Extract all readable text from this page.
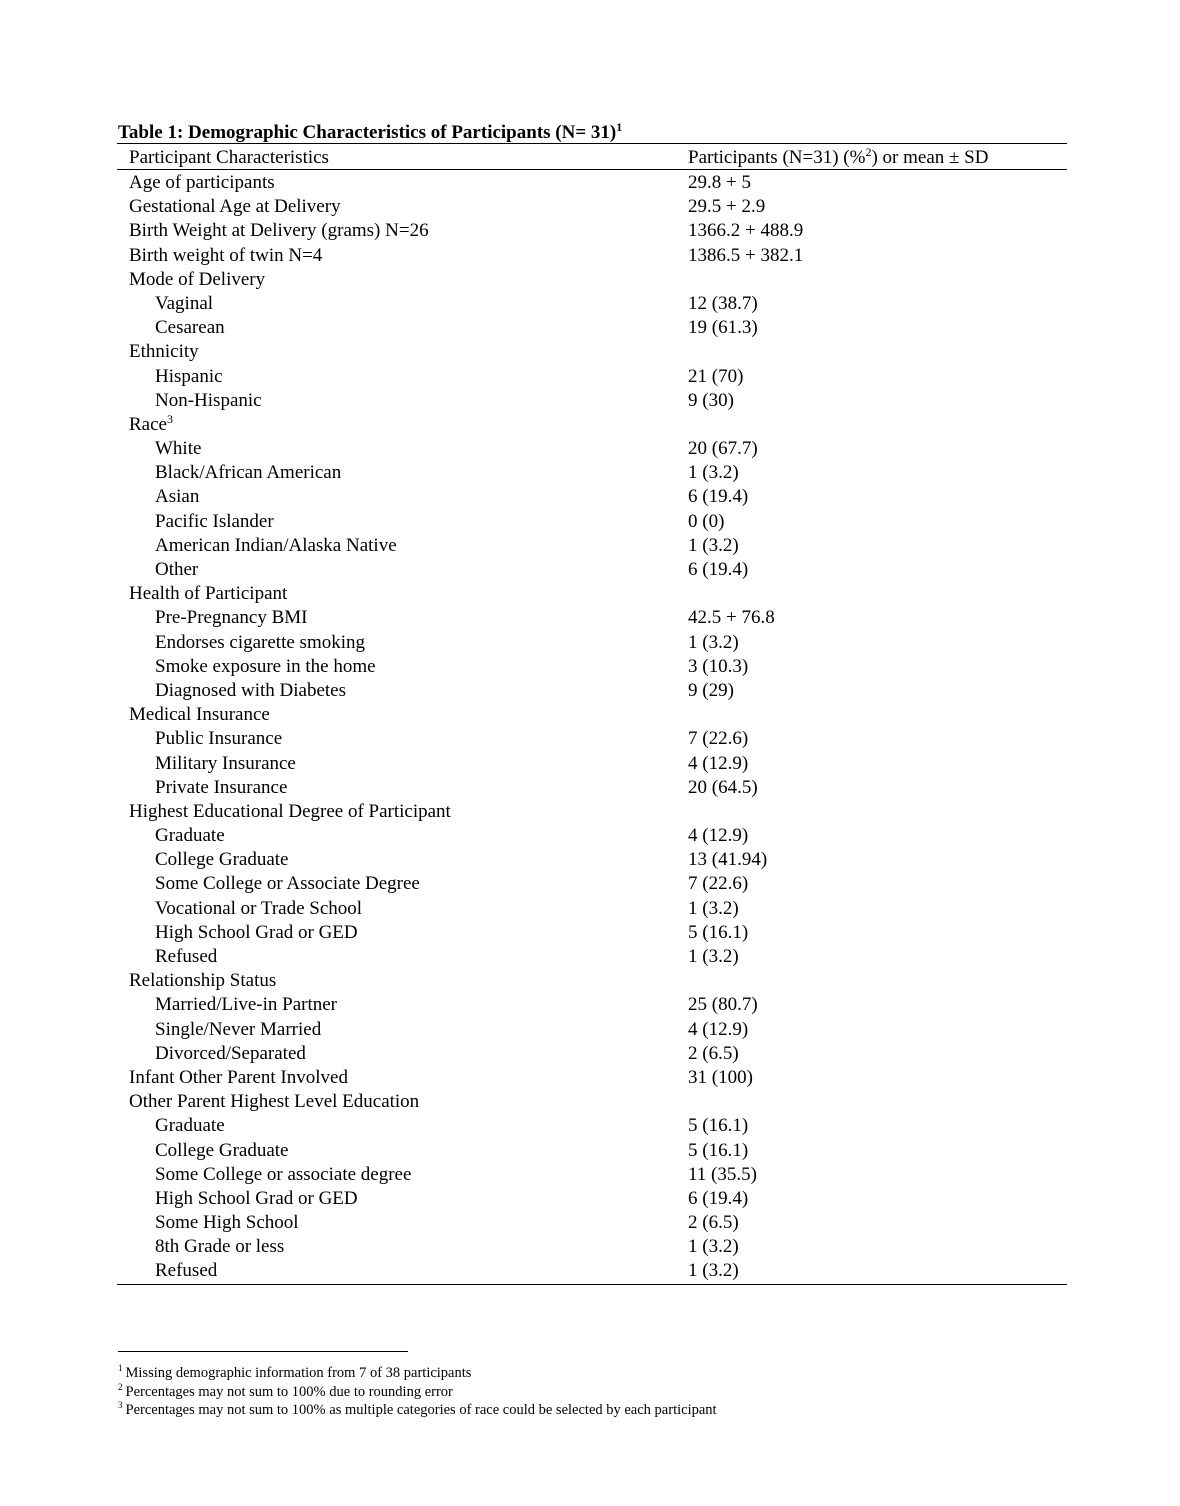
Table 1: Demographic Characteristics of Participants (N= 31)$^1$
Participant Characteristics	Participants (N=31) (%$^2$) or mean ± SD
Age of participants	29.8 + 5
Gestational Age at Delivery	29.5 + 2.9
Birth Weight at Delivery (grams) N=26	1366.2 + 488.9
Birth weight of twin N=4	1386.5 + 382.1
Mode of Delivery	
Vaginal	12 (38.7)
Cesarean	19 (61.3)
Ethnicity	
Hispanic	21 (70)
Non-Hispanic	9 (30)
Race$^3$	
White	20 (67.7)
Black/African American	1 (3.2)
Asian	6 (19.4)
Pacific Islander	0 (0)
American Indian/Alaska Native	1 (3.2)
Other	6 (19.4)
Health of Participant	
Pre-Pregnancy BMI	42.5 + 76.8
Endorses cigarette smoking	1 (3.2)
Smoke exposure in the home	3 (10.3)
Diagnosed with Diabetes	9 (29)
Medical Insurance	
Public Insurance	7 (22.6)
Military Insurance	4 (12.9)
Private Insurance	20 (64.5)
Highest Educational Degree of Participant	
Graduate	4 (12.9)
College Graduate	13 (41.94)
Some College or Associate Degree	7 (22.6)
Vocational or Trade School	1 (3.2)
High School Grad or GED	5 (16.1)
Refused	1 (3.2)
Relationship Status	
Married/Live-in Partner	25 (80.7)
Single/Never Married	4 (12.9)
Divorced/Separated	2 (6.5)
Infant Other Parent Involved	31 (100)
Other Parent Highest Level Education	
Graduate	5 (16.1)
College Graduate	5 (16.1)
Some College or associate degree	11 (35.5)
High School Grad or GED	6 (19.4)
Some High School	2 (6.5)
8th Grade or less	1 (3.2)
Refused	1 (3.2)
$^1$ Missing demographic information from 7 of 38 participants
$^2$ Percentages may not sum to 100% due to rounding error
$^3$ Percentages may not sum to 100% as multiple categories of race could be selected by each participant
